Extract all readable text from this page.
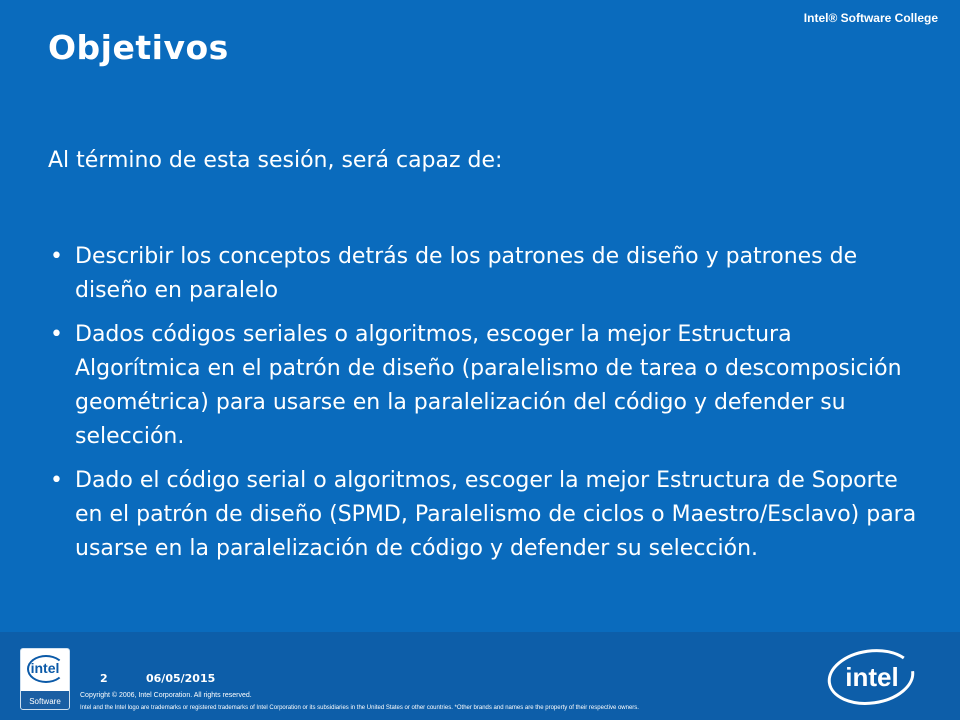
Intel® Software College
Objetivos

Al término de esta sesión, será capaz de:

• Describir los conceptos detrás de los patrones de diseño y patrones de diseño en paralelo
• Dados códigos seriales o algoritmos, escoger la mejor Estructura Algorítmica en el patrón de diseño (paralelismo de tarea o descomposición geométrica) para usarse en la paralelización del código y defender su selección.
• Dado el código serial o algoritmos, escoger la mejor Estructura de Soporte en el patrón de diseño (SPMD, Paralelismo de ciclos o Maestro/Esclavo) para usarse en la paralelización de código y defender su selección.
intel
Software
2	06/05/2015
Copyright © 2006, Intel Corporation. All rights reserved.
Intel and the Intel logo are trademarks or registered trademarks of Intel Corporation or its subsidiaries in the United States or other countries. *Other brands and names are the property of their respective owners.
intel
